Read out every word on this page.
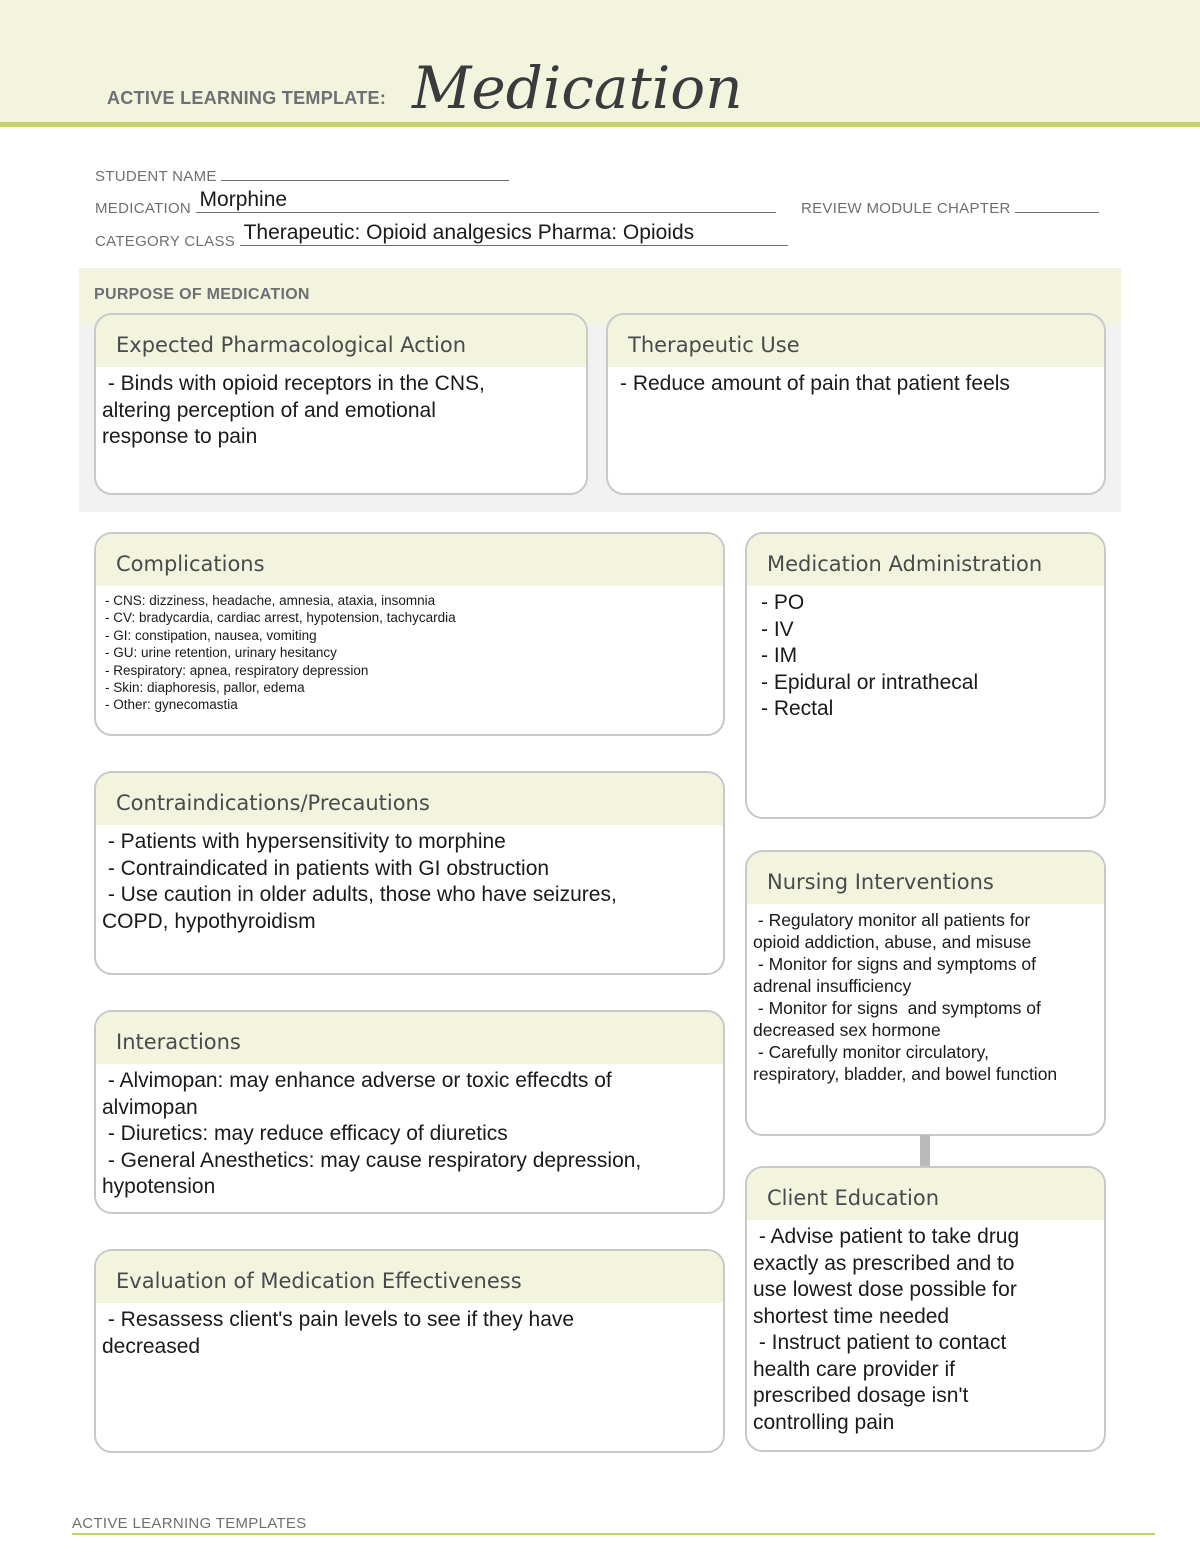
ACTIVE LEARNING TEMPLATE: Medication
STUDENT NAME
MEDICATION Morphine	REVIEW MODULE CHAPTER
CATEGORY CLASS Therapeutic: Opioid analgesics Pharma: Opioids
PURPOSE OF MEDICATION
Expected Pharmacological Action
- Binds with opioid receptors in the CNS,
altering perception of and emotional
response to pain
Therapeutic Use
- Reduce amount of pain that patient feels
Complications
- CNS: dizziness, headache, amnesia, ataxia, insomnia
- CV: bradycardia, cardiac arrest, hypotension, tachycardia
- GI: constipation, nausea, vomiting
- GU: urine retention, urinary hesitancy
- Respiratory: apnea, respiratory depression
- Skin: diaphoresis, pallor, edema
- Other: gynecomastia
Medication Administration
- PO
- IV
- IM
- Epidural or intrathecal
- Rectal
Contraindications/Precautions
- Patients with hypersensitivity to morphine
- Contraindicated in patients with GI obstruction
- Use caution in older adults, those who have seizures,
COPD, hypothyroidism
Nursing Interventions
- Regulatory monitor all patients for
opioid addiction, abuse, and misuse
- Monitor for signs and symptoms of
adrenal insufficiency
- Monitor for signs  and symptoms of
decreased sex hormone
- Carefully monitor circulatory,
respiratory, bladder, and bowel function
Interactions
- Alvimopan: may enhance adverse or toxic effecdts of
alvimopan
- Diuretics: may reduce efficacy of diuretics
- General Anesthetics: may cause respiratory depression,
hypotension	Client Education
- Advise patient to take drug
exactly as prescribed and to
use lowest dose possible for
shortest time needed
- Instruct patient to contact
health care provider if
prescribed dosage isn't
controlling pain
Evaluation of Medication Effectiveness
- Resassess client's pain levels to see if they have
decreased
ACTIVE LEARNING TEMPLATES
